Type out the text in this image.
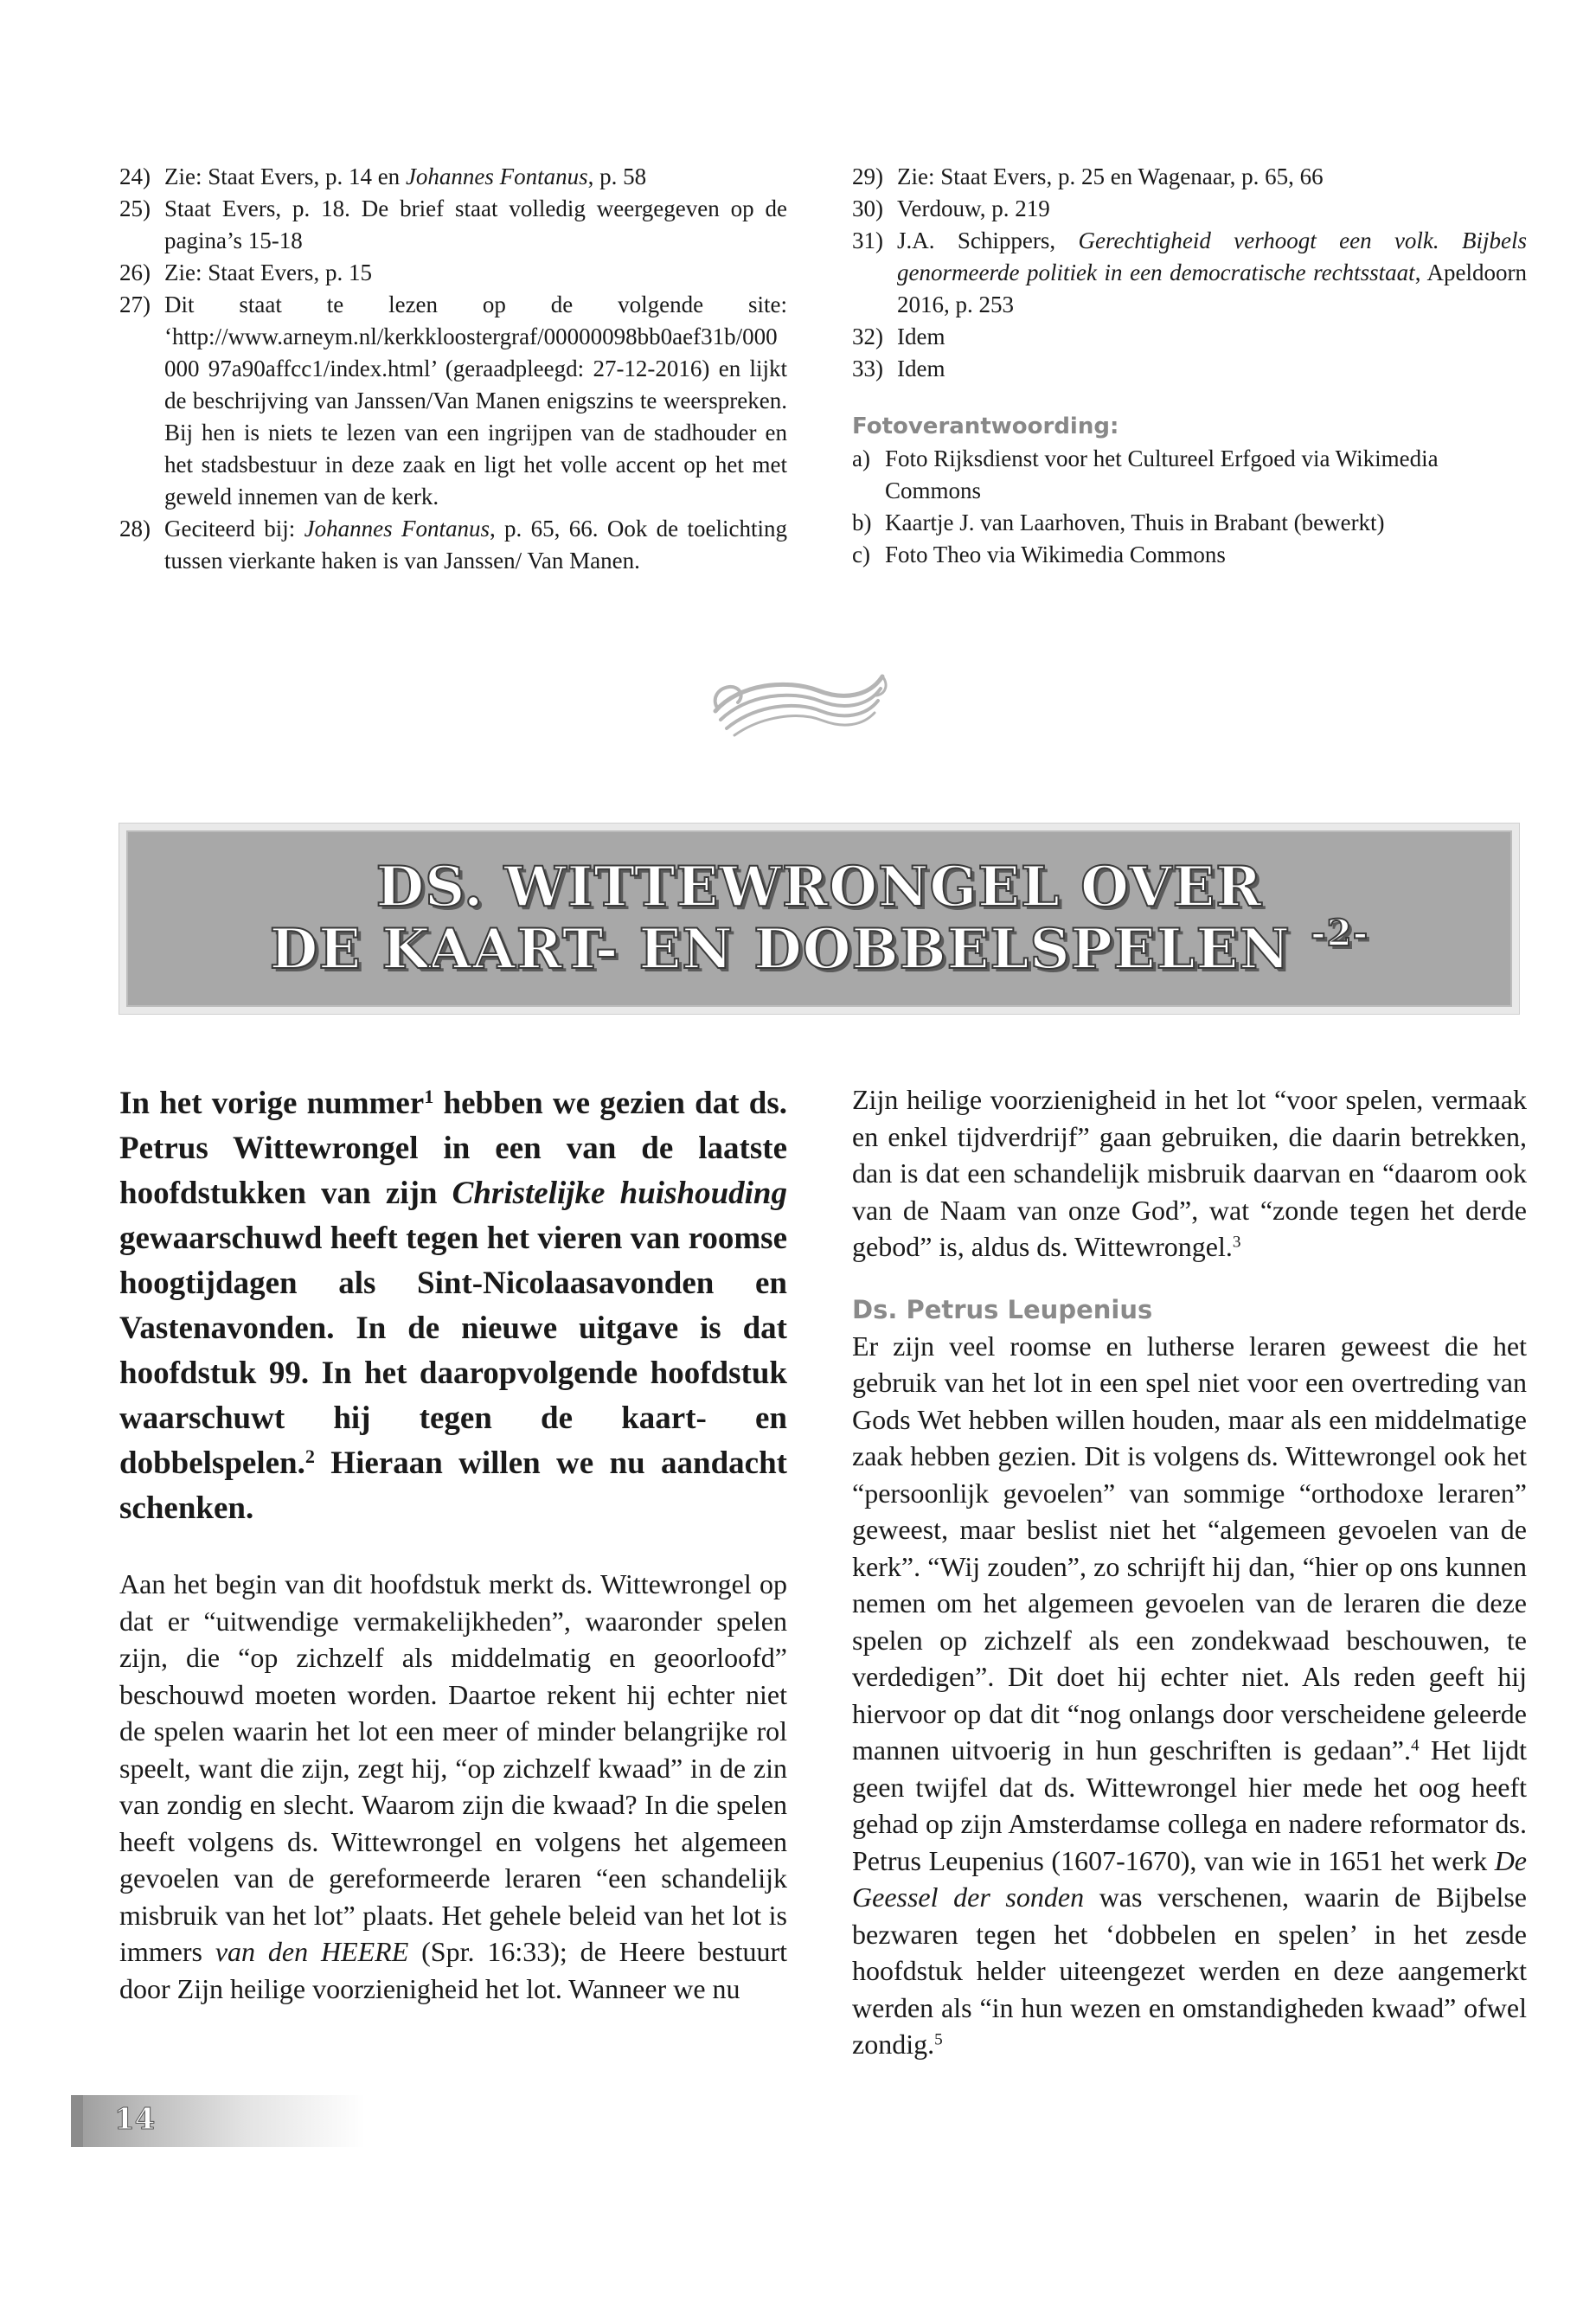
24) Zie: Staat Evers, p. 14 en Johannes Fontanus, p. 58

25) Staat Evers, p. 18. De brief staat volledig weergegeven op de pagina’s 15-18

26) Zie: Staat Evers, p. 15

27) Dit staat te lezen op de volgende site: ‘http://www.arneym.nl/kerkkloostergraf/00000098bb0aef31b/000000 97a90affcc1/index.html’ (geraadpleegd: 27-12-2016) en lijkt de beschrijving van Janssen/Van Manen enigszins te weerspreken. Bij hen is niets te lezen van een ingrijpen van de stadhouder en het stadsbestuur in deze zaak en ligt het volle accent op het met geweld innemen van de kerk.

28) Geciteerd bij: Johannes Fontanus, p. 65, 66. Ook de toelichting tussen vierkante haken is van Janssen/ Van Manen.

29) Zie: Staat Evers, p. 25 en Wagenaar, p. 65, 66

30) Verdouw, p. 219

31) J.A. Schippers, Gerechtigheid verhoogt een volk. Bijbels genormeerde politiek in een democratische rechtsstaat, Apeldoorn 2016, p. 253

32) Idem

33) Idem

Fotoverantwoording:

a) Foto Rijksdienst voor het Cultureel Erfgoed via Wikimedia Commons

b) Kaartje J. van Laarhoven, Thuis in Brabant (bewerkt)

c) Foto Theo via Wikimedia Commons

DS. WITTEWRONGEL OVER
DE KAART- EN DOBBELSPELEN $^{-2-}$

In het vorige nummer$^1$ hebben we gezien dat ds. Petrus Wittewrongel in een van de laatste hoofdstukken van zijn Christelijke huishouding gewaarschuwd heeft tegen het vieren van roomse hoogtijdagen als Sint-Nicolaasavonden en Vastenavonden. In de nieuwe uitgave is dat hoofdstuk 99. In het daaropvolgende hoofdstuk waarschuwt hij tegen de kaart- en dobbelspelen.$^2$ Hieraan willen we nu aandacht schenken.

Aan het begin van dit hoofdstuk merkt ds. Wittewrongel op dat er “uitwendige vermakelijkheden”, waaronder spelen zijn, die “op zichzelf als middelmatig en geoorloofd” beschouwd moeten worden. Daartoe rekent hij echter niet de spelen waarin het lot een meer of minder belangrijke rol speelt, want die zijn, zegt hij, “op zichzelf kwaad” in de zin van zondig en slecht. Waarom zijn die kwaad? In die spelen heeft volgens ds. Wittewrongel en volgens het algemeen gevoelen van de gereformeerde leraren “een schandelijk misbruik van het lot” plaats. Het gehele beleid van het lot is immers van den HEERE (Spr. 16:33); de Heere bestuurt door Zijn heilige voorzienigheid het lot. Wanneer we nu

Zijn heilige voorzienigheid in het lot “voor spelen, vermaak en enkel tijdverdrijf” gaan gebruiken, die daarin betrekken, dan is dat een schandelijk misbruik daarvan en “daarom ook van de Naam van onze God”, wat “zonde tegen het derde gebod” is, aldus ds. Wittewrongel.$^3$

Ds. Petrus Leupenius

Er zijn veel roomse en lutherse leraren geweest die het gebruik van het lot in een spel niet voor een overtreding van Gods Wet hebben willen houden, maar als een middelmatige zaak hebben gezien. Dit is volgens ds. Wittewrongel ook het “persoonlijk gevoelen” van sommige “orthodoxe leraren” geweest, maar beslist niet het “algemeen gevoelen van de kerk”. “Wij zouden”, zo schrijft hij dan, “hier op ons kunnen nemen om het algemeen gevoelen van de leraren die deze spelen op zichzelf als een zondekwaad beschouwen, te verdedigen”. Dit doet hij echter niet. Als reden geeft hij hiervoor op dat dit “nog onlangs door verscheidene geleerde mannen uitvoerig in hun geschriften is gedaan”.$^4$ Het lijdt geen twijfel dat ds. Wittewrongel hier mede het oog heeft gehad op zijn Amsterdamse collega en nadere reformator ds. Petrus Leupenius (1607-1670), van wie in 1651 het werk De Geessel der sonden was verschenen, waarin de Bijbelse bezwaren tegen het ‘dobbelen en spelen’ in het zesde hoofdstuk helder uiteengezet werden en deze aangemerkt werden als “in hun wezen en omstandigheden kwaad” ofwel zondig.$^5$

14
